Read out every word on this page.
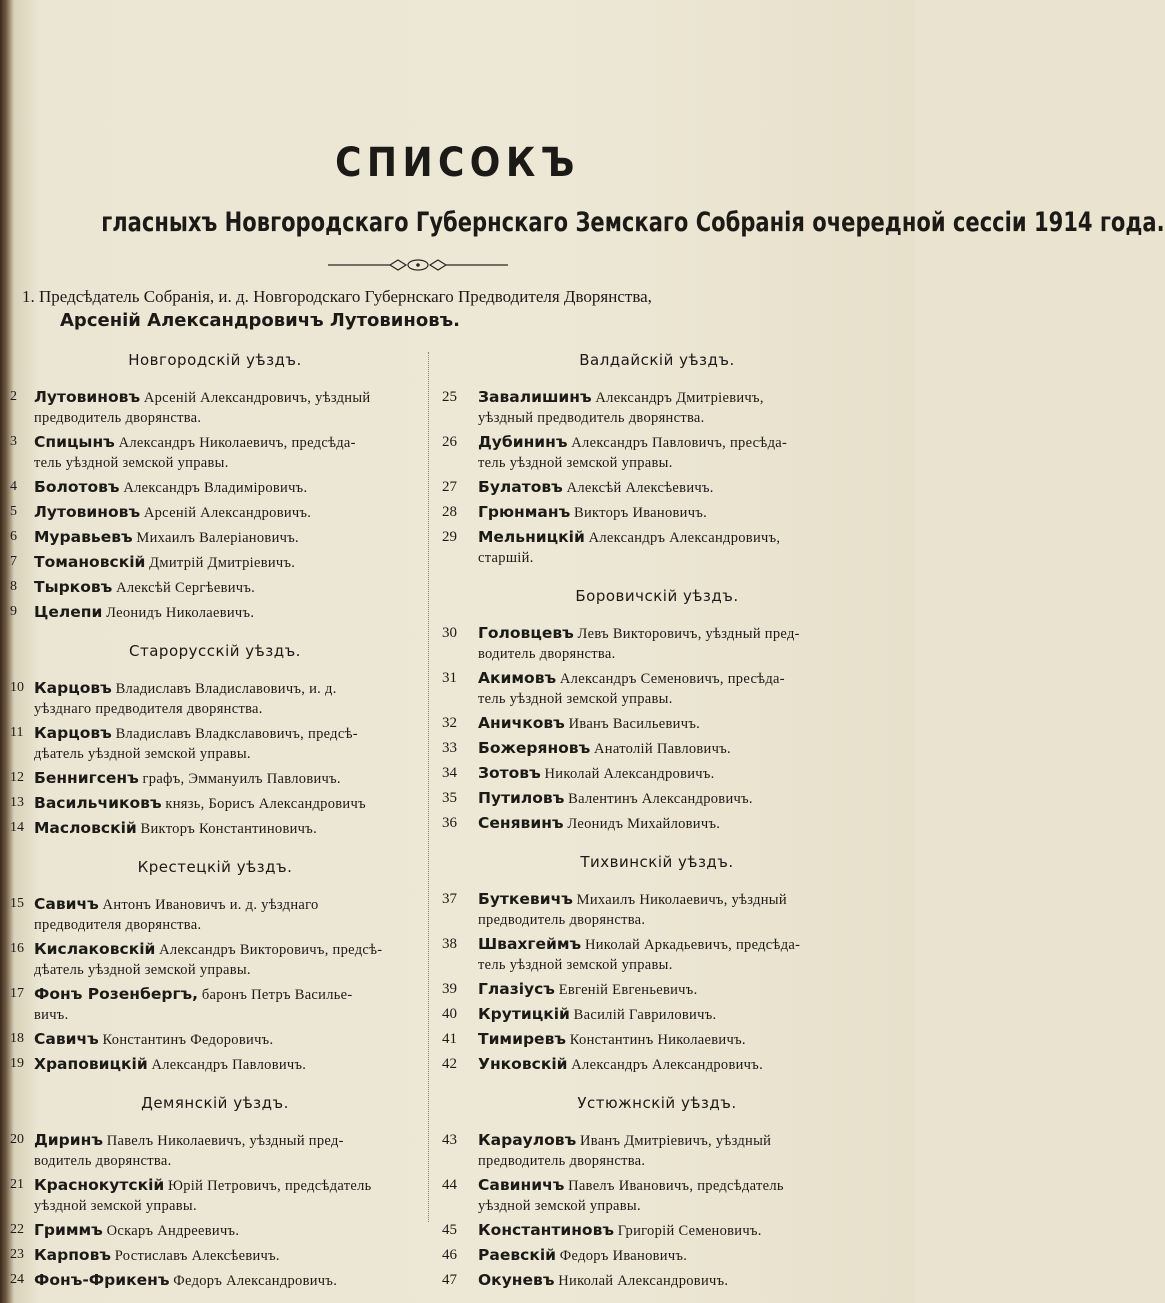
СПИСОКЪ
гласныхъ Новгородскаго Губернскаго Земскаго Собранія очередной сессіи 1914 года.
1. Предсѣдатель Собранія, и. д. Новгородскаго Губернскаго Предводителя Дворянства,
Арсеній Александровичъ Лутовиновъ.
Новгородскій уѣздъ.
2	Лутовиновъ Арсеній Александровичъ, уѣздный
предводитель дворянства.
3	Спицынъ Александръ Николаевичъ, предсѣда-
тель уѣздной земской управы.
4	Болотовъ Александръ Владиміровичъ.
5	Лутовиновъ Арсеній Александровичъ.
6	Муравьевъ Михаилъ Валеріановичъ.
7	Томановскій Дмитрій Дмитріевичъ.
8	Тырковъ Алексѣй Сергѣевичъ.
9	Целепи Леонидъ Николаевичъ.
Старорусскій уѣздъ.
10 Карцовъ Владиславъ Владиславовичъ, и. д.
уѣзднаго предводителя дворянства.
11 Карцовъ Владиславъ Владкславовичъ, предсѣ-
дѣатель уѣздной земской управы.
12 Беннигсенъ графъ, Эммануилъ Павловичъ.
13 Васильчиковъ князь, Борисъ Александровичъ
14 Масловскій Викторъ Константиновичъ.
Крестецкій уѣздъ.
15 Савичъ Антонъ Ивановичъ и. д. уѣзднаго
предводителя дворянства.
16 Кислаковскій Александръ Викторовичъ, предсѣ-
дѣатель уѣздной земской управы.
17 Фонъ Розенбергъ, баронъ Петръ Василье-
вичъ.
18 Савичъ Константинъ Федоровичъ.
19 Храповицкій Александръ Павловичъ.
Демянскій уѣздъ.
20 Диринъ Павелъ Николаевичъ, уѣздный пред-
водитель дворянства.
21 Краснокутскій Юрій Петровичъ, предсѣдатель
уѣздной земской управы.
22 Гриммъ Оскаръ Андреевичъ.
23 Карповъ Ростиславъ Алексѣевичъ.
24 Фонъ-Фрикенъ Федоръ Александровичъ.
Валдайскій уѣздъ.
25	Завалишинъ Александръ Дмитріевичъ,
уѣздный предводитель дворянства.
26	Дубининъ Александръ Павловичъ, пресѣда-
тель уѣздной земской управы.
27	Булатовъ Алексѣй Алексѣевичъ.
28	Грюнманъ Викторъ Ивановичъ.
29	Мельницкій Александръ Александровичъ,
старшій.
Боровичскій уѣздъ.
30	Головцевъ Левъ Викторовичъ, уѣздный пред-
водитель дворянства.
31	Акимовъ Александръ Семеновичъ, пресѣда-
тель уѣздной земской управы.
32	Аничковъ Иванъ Васильевичъ.
33	Божеряновъ Анатолій Павловичъ.
34	Зотовъ Николай Александровичъ.
35	Путиловъ Валентинъ Александровичъ.
36	Сенявинъ Леонидъ Михайловичъ.
Тихвинскій уѣздъ.
37	Буткевичъ Михаилъ Николаевичъ, уѣздный
предводитель дворянства.
38	Швахгеймъ Николай Аркадьевичъ, предсѣда-
тель уѣздной земской управы.
39	Глазіусъ Евгеній Евгеньевичъ.
40	Крутицкій Василій Гавриловичъ.
41	Тимиревъ Константинъ Николаевичъ.
42	Унковскій Александръ Александровичъ.
Устюжнскій уѣздъ.
43	Карауловъ Иванъ Дмитріевичъ, уѣздный
предводитель дворянства.
44	Савиничъ Павелъ Ивановичъ, предсѣдатель
уѣздной земской управы.
45	Константиновъ Григорій Семеновичъ.
46	Раевскій Федоръ Ивановичъ.
47	Окуневъ Николай Александровичъ.
